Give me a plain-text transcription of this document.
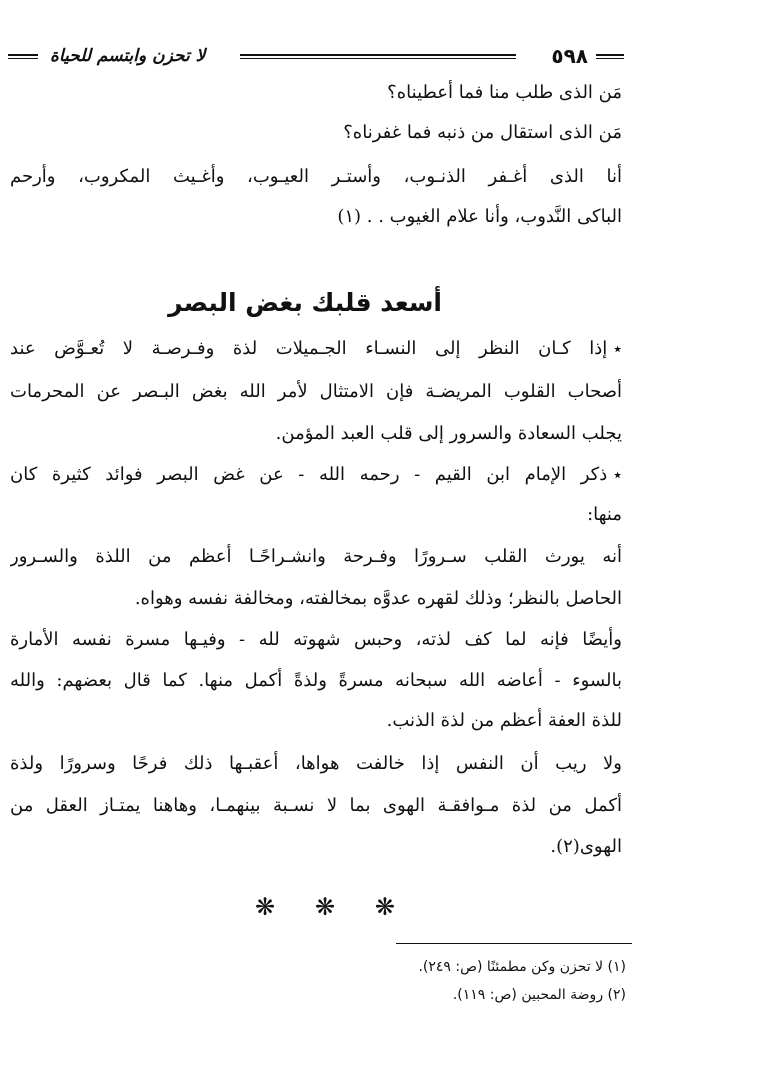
لا تحزن وابتسم للحياة	٥٩٨
مَن الذى طلب منا فما أعطيناه؟
مَن الذى استقال من ذنبه فما غفرناه؟
أنا الذى أغـفر الذنـوب، وأستـر العيـوب، وأغـيث المكروب، وأرحم
الباكى النَّدوب، وأنا علام الغيوب . . (١)
أسعد قلبك بغض البصر
٭إذا كـان النظر إلى النسـاء الجـميلات لذة وفـرصـة لا تُعـوَّض عند
أصحاب القلوب المريضـة فإن الامتثال لأمر الله بغض البـصر عن المحرمات
يجلب السعادة والسرور إلى قلب العبد المؤمن.
٭ذكر الإمام ابن القيم - رحمه الله - عن غض البصر فوائد كثيرة كان
منها:
أنه يورث القلب سـرورًا وفـرحة وانشـراحًـا أعظم من اللذة والسـرور
الحاصل بالنظر؛ وذلك لقهره عدوَّه بمخالفته، ومخالفة نفسه وهواه.
وأيضًا فإنه لما كف لذته، وحبس شهوته لله - وفيـها مسرة نفسه الأمارة
بالسوء - أعاضه الله سبحانه مسرةً ولذةً أكمل منها. كما قال بعضهم: والله
للذة العفة أعظم من لذة الذنب.
ولا ريب أن النفس إذا خالفت هواها، أعقبـها ذلك فرحًا وسرورًا ولذة
أكمل من لذة مـوافقـة الهوى بما لا نسـبة بينهمـا، وهاهنا يمتـاز العقل من
الهوى(٢).
❋ ❋ ❋
(١) لا تحزن وكن مطمئنًا (ص: ٢٤٩).
(٢) روضة المحبين (ص: ١١٩).
